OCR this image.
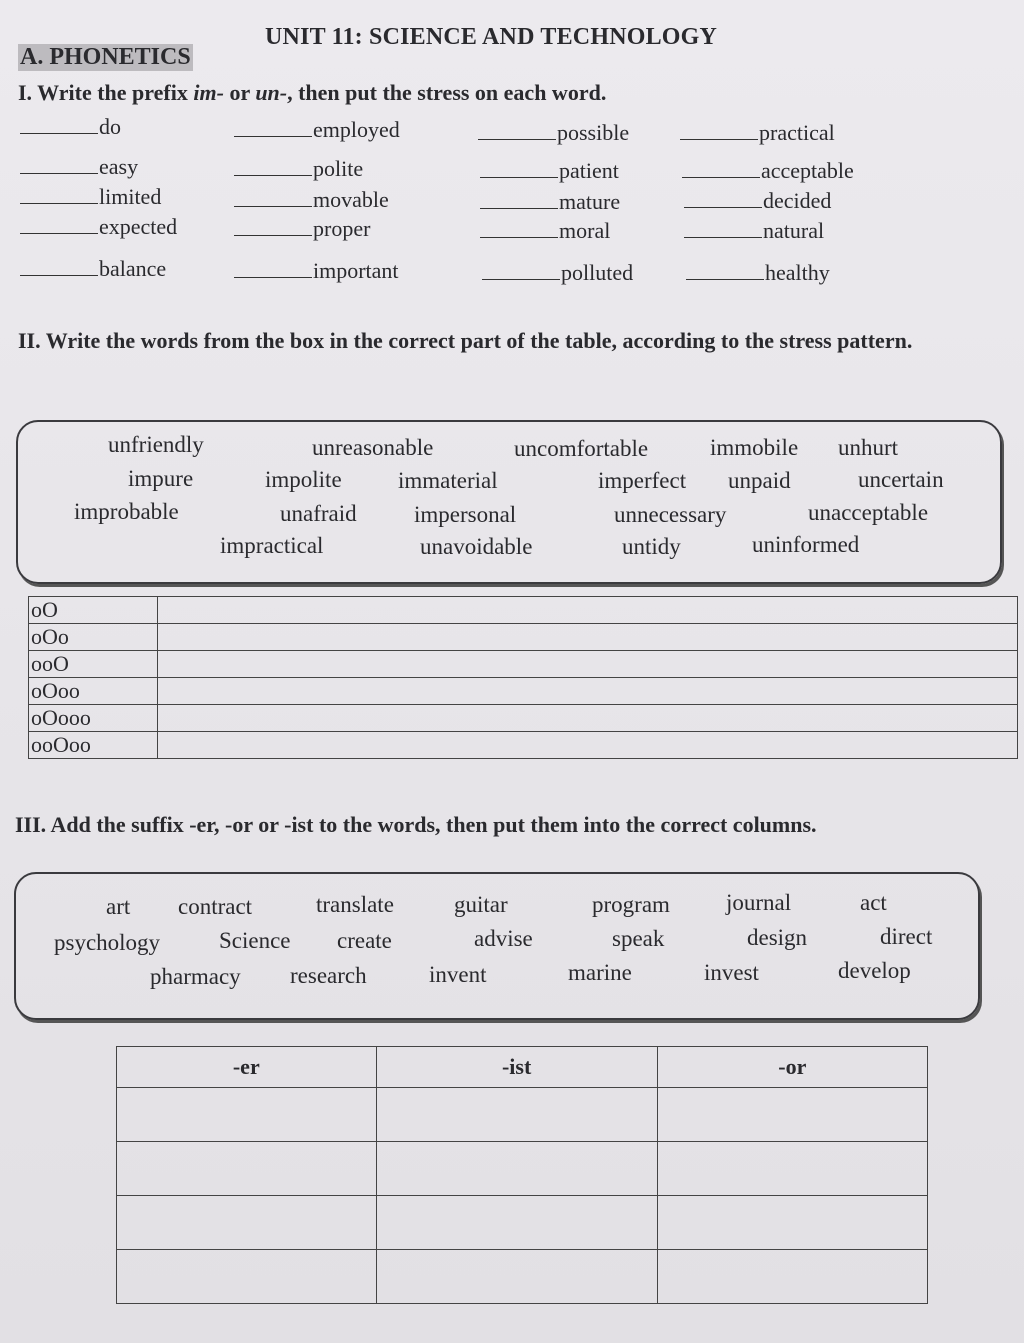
UNIT 11: SCIENCE AND TECHNOLOGY
A. PHONETICS
I. Write the prefix im- or un-, then put the stress on each word.
do	employed	possible	practical
easy	polite	patient	acceptable
limited	movable	mature	decided
expected	proper	moral	natural
balance	important	polluted	healthy
II. Write the words from the box in the correct part of the table, according to the stress pattern.
unfriendly	unreasonable	uncomfortable	immobile unhurt
impure	impolite immaterial	imperfect unpaid	uncertain
improbable	unafraid impersonal	unnecessary	unacceptable
impractical	unavoidable	untidy	uninformed
oO	
oOo	
ooO	
oOoo	
oOooo	
ooOoo	
III. Add the suffix -er, -or or -ist to the words, then put them into the correct columns.
art contract	translate	guitar	program journal	act
psychology	Science create	advise	speak	design	direct
pharmacy research	invent	marine	invest	develop
-er	-ist	-or
